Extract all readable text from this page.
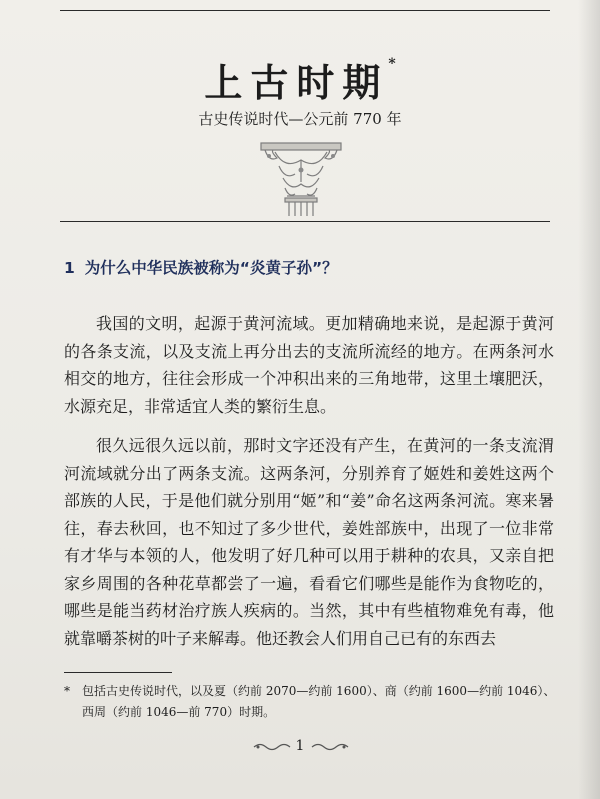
上古时期*
古史传说时代—公元前 770 年
1 为什么中华民族被称为“炎黄子孙”？

我国的文明，起源于黄河流域。更加精确地来说，是起源于黄河的各条支流，以及支流上再分出去的支流所流经的地方。在两条河水相交的地方，往往会形成一个冲积出来的三角地带，这里土壤肥沃，水源充足，非常适宜人类的繁衍生息。

很久远很久远以前，那时文字还没有产生，在黄河的一条支流渭河流域就分出了两条支流。这两条河，分别养育了姬姓和姜姓这两个部族的人民，于是他们就分别用“姬”和“姜”命名这两条河流。寒来暑往，春去秋回，也不知过了多少世代，姜姓部族中，出现了一位非常有才华与本领的人，他发明了好几种可以用于耕种的农具，又亲自把家乡周围的各种花草都尝了一遍，看看它们哪些是能作为食物吃的，哪些是能当药材治疗族人疾病的。当然，其中有些植物难免有毒，他就靠嚼茶树的叶子来解毒。他还教会人们用自己已有的东西去

* 包括古史传说时代，以及夏（约前 2070—约前 1600）、商（约前 1600—约前 1046）、西周（约前 1046—前 770）时期。
1
